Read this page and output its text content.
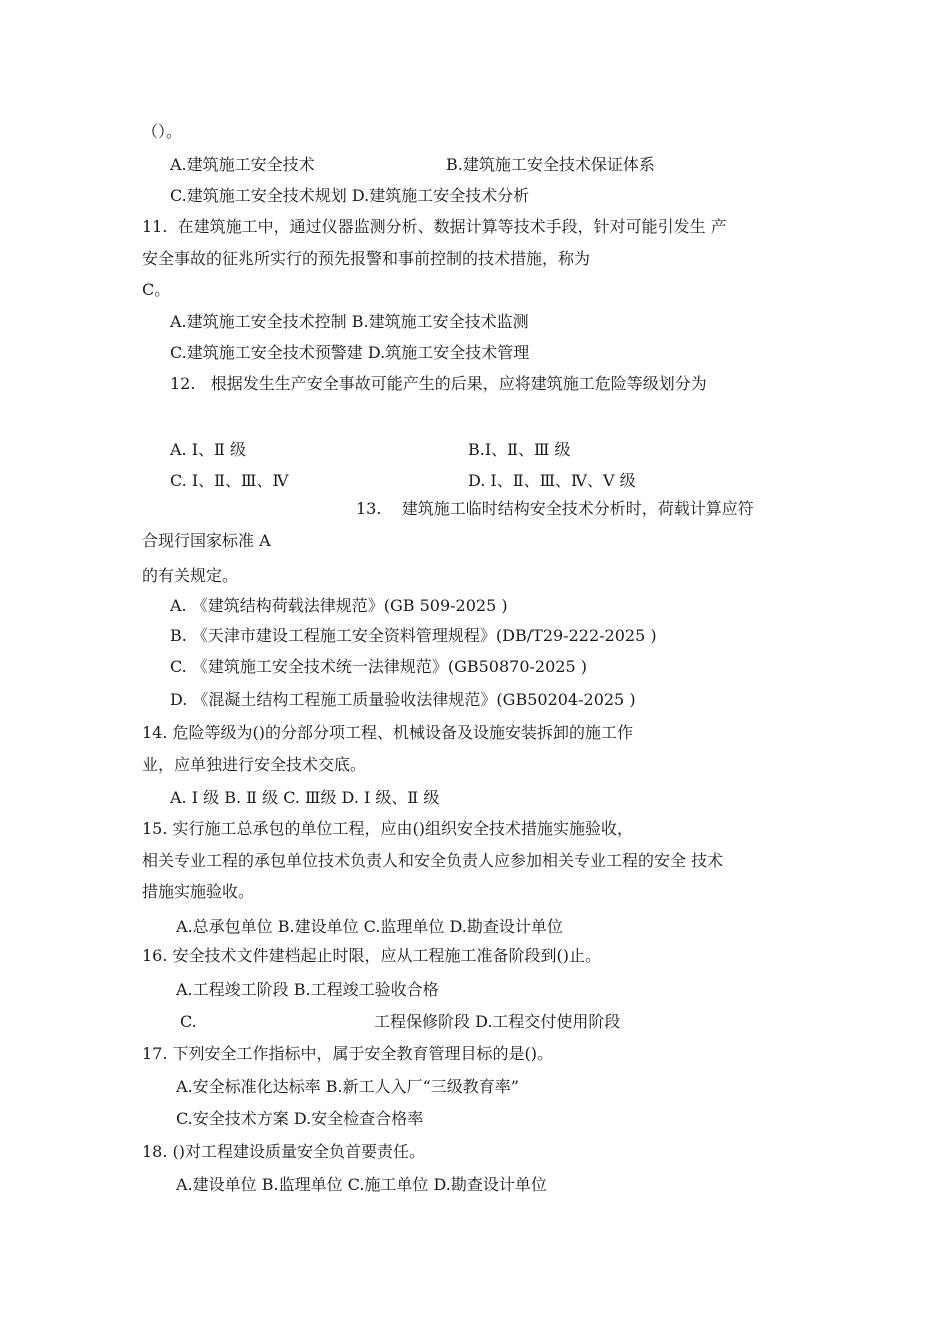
（）。
A.建筑施工安全技术	B.建筑施工安全技术保证体系
C.建筑施工安全技术规划 D.建筑施工安全技术分析
11.  在建筑施工中，通过仪器监测分析、数据计算等技术手段，针对可能引发生 产
安全事故的征兆所实行的预先报警和事前控制的技术措施，称为
C。
A.建筑施工安全技术控制 B.建筑施工安全技术监测
C.建筑施工安全技术预警建 D.筑施工安全技术管理
12.   根据发生生产安全事故可能产生的后果，应将建筑施工危险等级划分为
A. Ⅰ、Ⅱ 级	B.Ⅰ、Ⅱ、Ⅲ 级
C. Ⅰ、Ⅱ、Ⅲ、Ⅳ	D. Ⅰ、Ⅱ、Ⅲ、Ⅳ、Ⅴ 级
13.    建筑施工临时结构安全技术分析时，荷载计算应符
合现行国家标准 A
的有关规定。
A. 《建筑结构荷载法律规范》(GB 509-2025 )
B. 《天津市建设工程施工安全资料管理规程》(DB/T29-222-2025 )
C. 《建筑施工安全技术统一法律规范》(GB50870-2025 )
D. 《混凝土结构工程施工质量验收法律规范》(GB50204-2025 )
14. 危险等级为()的分部分项工程、机械设备及设施安装拆卸的施工作
业，应单独进行安全技术交底。
A. Ⅰ 级 B. Ⅱ 级 C. Ⅲ级 D. Ⅰ 级、Ⅱ 级
15. 实行施工总承包的单位工程，应由()组织安全技术措施实施验收，
相关专业工程的承包单位技术负责人和安全负责人应参加相关专业工程的安全 技术
措施实施验收。
A.总承包单位 B.建设单位 C.监理单位 D.勘查设计单位
16. 安全技术文件建档起止时限，应从工程施工准备阶段到()止。
A.工程竣工阶段 B.工程竣工验收合格
C.	工程保修阶段 D.工程交付使用阶段
17. 下列安全工作指标中，属于安全教育管理目标的是()。
A.安全标准化达标率 B.新工人入厂“三级教育率”
C.安全技术方案 D.安全检查合格率
18. ()对工程建设质量安全负首要责任。
A.建设单位 B.监理单位 C.施工单位 D.勘查设计单位
